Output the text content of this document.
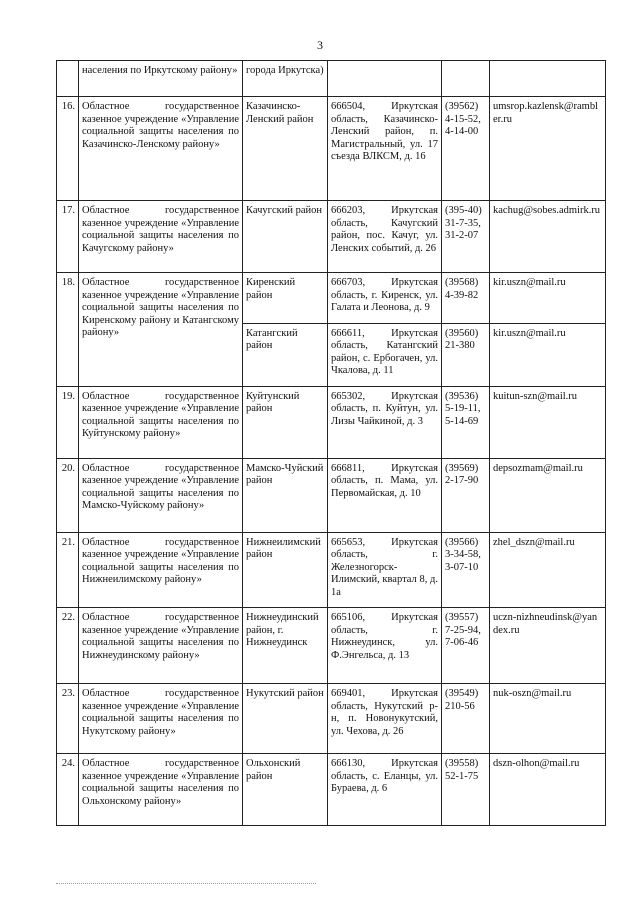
3
	населения по Иркутскому району»	города Иркутска)			
16.	Областное государственное казенное учреждение «Управление социальной защиты населения по Казачинско-Ленскому району»	Казачинско-Ленский район	666504, Иркутская область, Казачинско-Ленский район, п. Магистральный, ул. 17 съезда ВЛКСМ, д. 16	(39562) 4-15-52, 4-14-00	umsrop.kazlensk@rambler.ru
17.	Областное государственное казенное учреждение «Управление социальной защиты населения по Качугскому району»	Качугский район	666203, Иркутская область, Качугский район, пос. Качуг, ул. Ленских событий, д. 26	(395-40) 31-7-35, 31-2-07	kachug@sobes.admirk.ru
18.	Областное государственное казенное учреждение «Управление социальной защиты населения по Киренскому району и Катангскому району»	Киренский район	666703, Иркутская область, г. Киренск, ул. Галата и Леонова, д. 9	(39568) 4-39-82	kir.uszn@mail.ru
		Катангский район	666611, Иркутская область, Катангский район, с. Ербогачен, ул. Чкалова, д. 11	(39560) 21-380	kir.uszn@mail.ru
19.	Областное государственное казенное учреждение «Управление социальной защиты населения по Куйтунскому району»	Куйтунский район	665302, Иркутская область, п. Куйтун, ул. Лизы Чайкиной, д. 3	(39536) 5-19-11, 5-14-69	kuitun-szn@mail.ru
20.	Областное государственное казенное учреждение «Управление социальной защиты населения по Мамско-Чуйскому району»	Мамско-Чуйский район	666811, Иркутская область, п. Мама, ул. Первомайская, д. 10	(39569) 2-17-90	depsozmam@mail.ru
21.	Областное государственное казенное учреждение «Управление социальной защиты населения по Нижнеилимскому району»	Нижнеилимский район	665653, Иркутская область, г. Железногорск-Илимский, квартал 8, д. 1а	(39566) 3-34-58, 3-07-10	zhel_dszn@mail.ru
22.	Областное государственное казенное учреждение «Управление социальной защиты населения по Нижнеудинскому району»	Нижнеудинский район, г. Нижнеудинск	665106, Иркутская область, г. Нижнеудинск, ул. Ф.Энгельса, д. 13	(39557) 7-25-94, 7-06-46	uczn-nizhneudinsk@yandex.ru
23.	Областное государственное казенное учреждение «Управление социальной защиты населения по Нукутскому району»	Нукутский район	669401, Иркутская область, Нукутский р-н, п. Новонукутский, ул. Чехова, д. 26	(39549) 210-56	nuk-oszn@mail.ru
24.	Областное государственное казенное учреждение «Управление социальной защиты населения по Ольхонскому району»	Ольхонский район	666130, Иркутская область, с. Еланцы, ул. Бураева, д. 6	(39558) 52-1-75	dszn-olhon@mail.ru
